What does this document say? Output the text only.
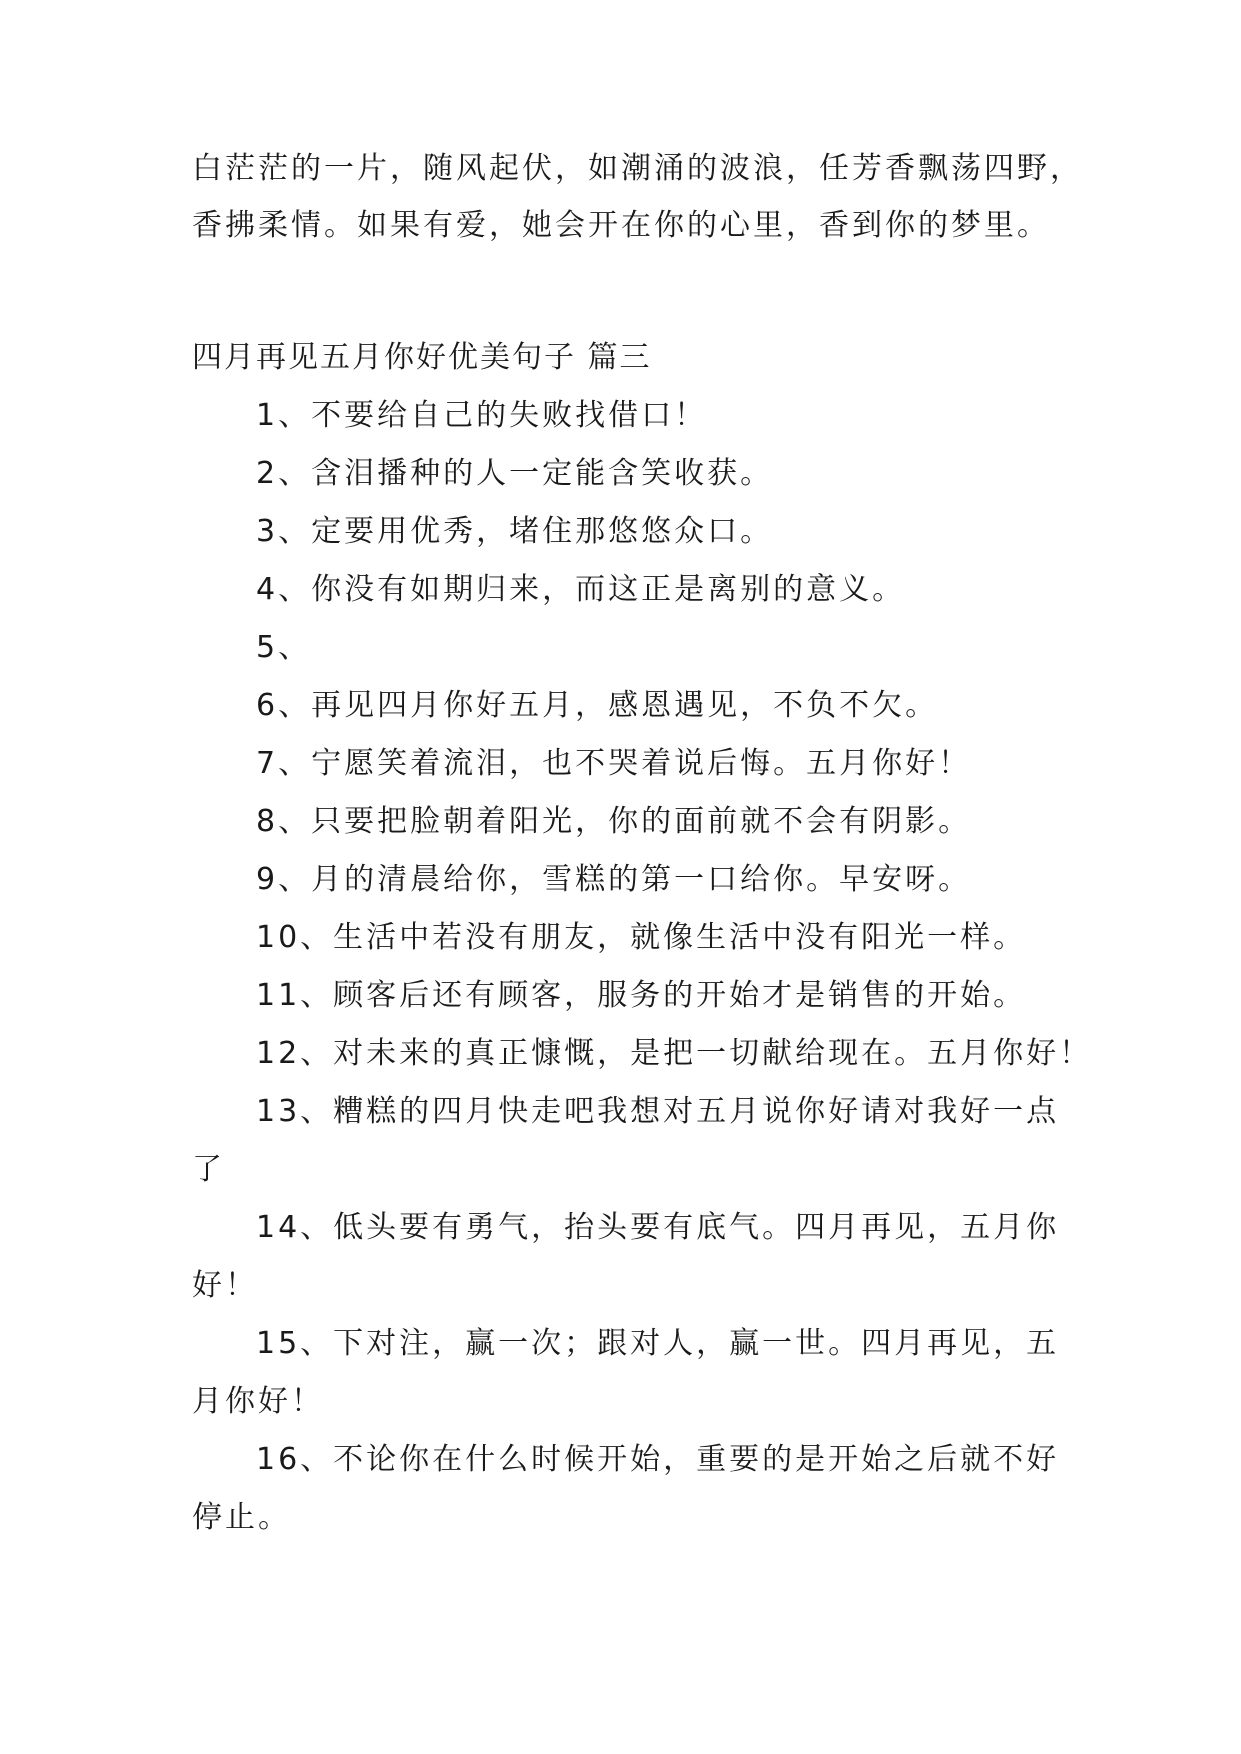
白茫茫的一片，随风起伏，如潮涌的波浪，任芳香飘荡四野，
香拂柔情。如果有爱，她会开在你的心里，香到你的梦里。
四月再见五月你好优美句子 篇三
1、不要给自己的失败找借口！
2、含泪播种的人一定能含笑收获。
3、定要用优秀，堵住那悠悠众口。
4、你没有如期归来，而这正是离别的意义。
5、
6、再见四月你好五月，感恩遇见，不负不欠。
7、宁愿笑着流泪，也不哭着说后悔。五月你好！
8、只要把脸朝着阳光，你的面前就不会有阴影。
9、月的清晨给你，雪糕的第一口给你。早安呀。
10、生活中若没有朋友，就像生活中没有阳光一样。
11、顾客后还有顾客，服务的开始才是销售的开始。
12、对未来的真正慷慨，是把一切献给现在。五月你好！
13、糟糕的四月快走吧我想对五月说你好请对我好一点
了
14、低头要有勇气，抬头要有底气。四月再见，五月你
好！
15、下对注，赢一次；跟对人，赢一世。四月再见，五
月你好！
16、不论你在什么时候开始，重要的是开始之后就不好
停止。
